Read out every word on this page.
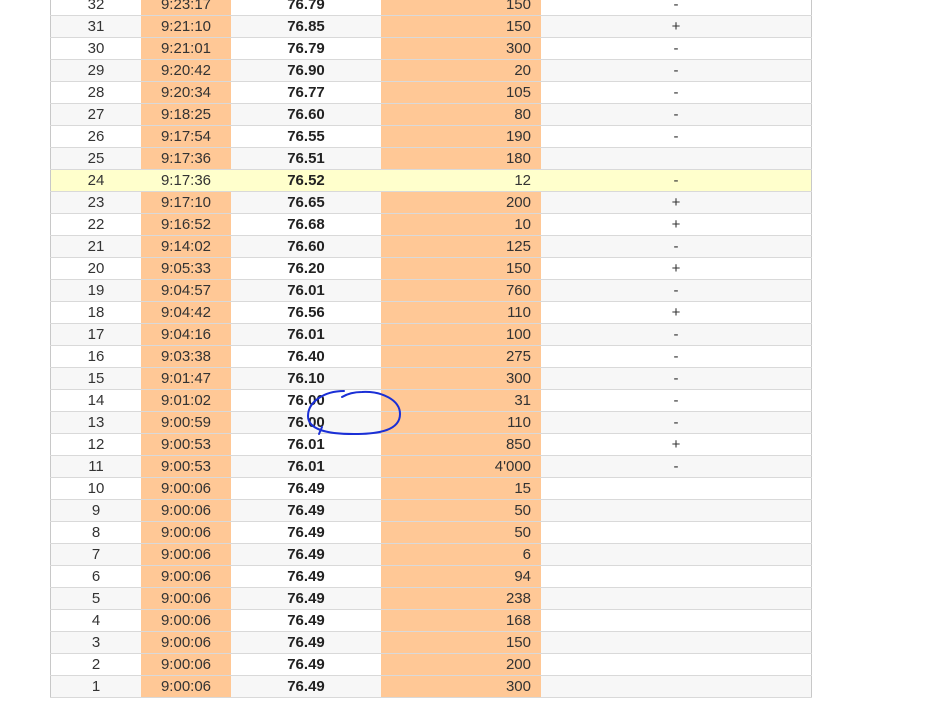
32	9:23:17	76.79	150	-
31	9:21:10	76.85	150	+
30	9:21:01	76.79	300	-
29	9:20:42	76.90	20	-
28	9:20:34	76.77	105	-
27	9:18:25	76.60	80	-
26	9:17:54	76.55	190	-
25	9:17:36	76.51	180	
24	9:17:36	76.52	12	-
23	9:17:10	76.65	200	+
22	9:16:52	76.68	10	+
21	9:14:02	76.60	125	-
20	9:05:33	76.20	150	+
19	9:04:57	76.01	760	-
18	9:04:42	76.56	110	+
17	9:04:16	76.01	100	-
16	9:03:38	76.40	275	-
15	9:01:47	76.10	300	-
14	9:01:02	76.00	31	-
13	9:00:59	76.00	110	-
12	9:00:53	76.01	850	+
11	9:00:53	76.01	4'000	-
10	9:00:06	76.49	15	
9	9:00:06	76.49	50	
8	9:00:06	76.49	50	
7	9:00:06	76.49	6	
6	9:00:06	76.49	94	
5	9:00:06	76.49	238	
4	9:00:06	76.49	168	
3	9:00:06	76.49	150	
2	9:00:06	76.49	200	
1	9:00:06	76.49	300	
